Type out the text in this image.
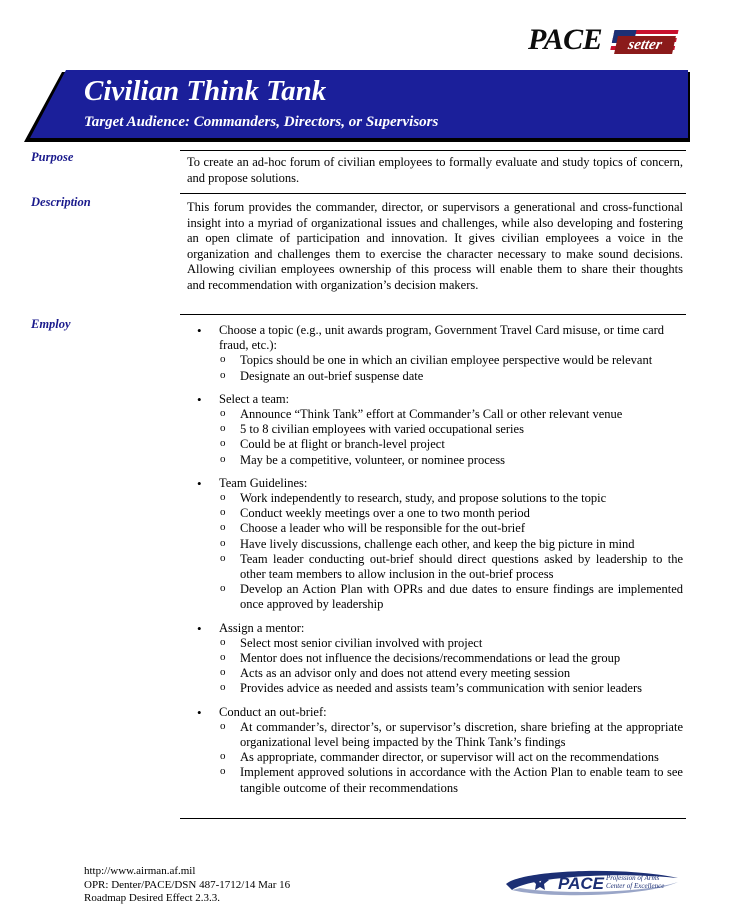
setter
PACE
Civilian Think Tank
Target Audience: Commanders, Directors, or Supervisors
Purpose	To create an ad-hoc forum of civilian employees to formally evaluate and study topics of concern, and propose solutions.
Description	This forum provides the commander, director, or supervisors a generational and cross-functional insight into a myriad of organizational issues and challenges, while also developing and fostering an open climate of participation and innovation. It gives civilian employees a voice in the organization and challenges them to exercise the character necessary to make sound decisions. Allowing civilian employees ownership of this process will enable them to share their thoughts and recommendation with organization’s decision makers.
Employ
•	Choose a topic (e.g., unit awards program, Government Travel Card misuse, or time card fraud, etc.):
o Topics should be one in which an civilian employee perspective would be relevant
o Designate an out-brief suspense date
• Select a team:
o Announce “Think Tank” effort at Commander’s Call or other relevant venue
o 5 to 8 civilian employees with varied occupational series
o Could be at flight or branch-level project
o May be a competitive, volunteer, or nominee process
• Team Guidelines:
o Work independently to research, study, and propose solutions to the topic
o Conduct weekly meetings over a one to two month period
o Choose a leader who will be responsible for the out-brief
o Have lively discussions, challenge each other, and keep the big picture in mind
o Team leader conducting out-brief should direct questions asked by leadership to the other team members to allow inclusion in the out-brief process
o Develop an Action Plan with OPRs and due dates to ensure findings are implemented once approved by leadership
• Assign a mentor:
o Select most senior civilian involved with project
o Mentor does not influence the decisions/recommendations or lead the group
o Acts as an advisor only and does not attend every meeting session
o Provides advice as needed and assists team’s communication with senior leaders
• Conduct an out-brief:
o At commander’s, director’s, or supervisor’s discretion, share briefing at the appropriate organizational level being impacted by the Think Tank’s findings
o As appropriate, commander director, or supervisor will act on the recommendations
o Implement approved solutions in accordance with the Action Plan to enable team to see tangible outcome of their recommendations
http://www.airman.af.mil
OPR: Denter/PACE/DSN 487-1712/14 Mar 16
Roadmap Desired Effect 2.3.3.
PACE Profession of Arms
Center of Excellence
